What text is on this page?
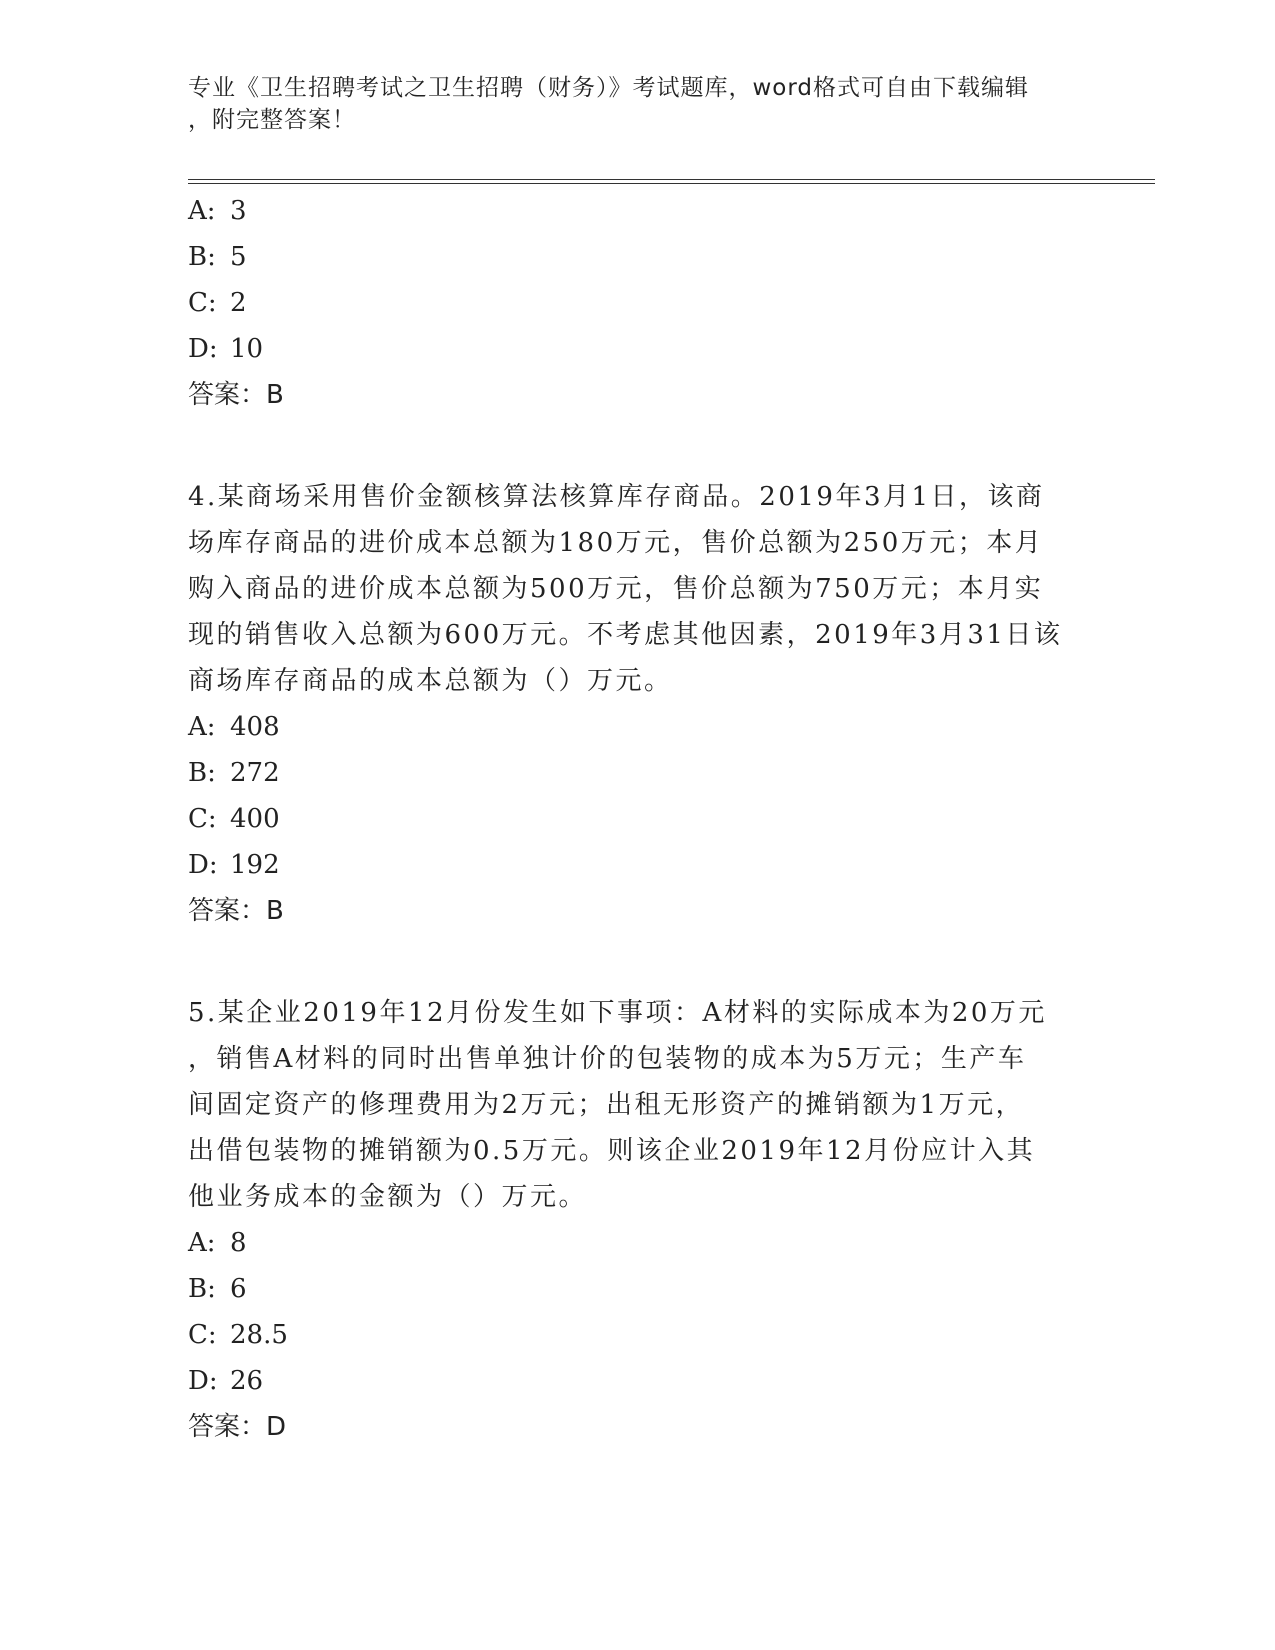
专业《卫生招聘考试之卫生招聘（财务）》考试题库，word格式可自由下载编辑
，附完整答案！
A: 3
B: 5
C: 2
D: 10
答案：B
4.某商场采用售价金额核算法核算库存商品。2019年3月1日，该商
场库存商品的进价成本总额为180万元，售价总额为250万元；本月
购入商品的进价成本总额为500万元，售价总额为750万元；本月实
现的销售收入总额为600万元。不考虑其他因素，2019年3月31日该
商场库存商品的成本总额为（）万元。
A: 408
B: 272
C: 400
D: 192
答案：B
5.某企业2019年12月份发生如下事项：A材料的实际成本为20万元
，销售A材料的同时出售单独计价的包装物的成本为5万元；生产车
间固定资产的修理费用为2万元；出租无形资产的摊销额为1万元，
出借包装物的摊销额为0.5万元。则该企业2019年12月份应计入其
他业务成本的金额为（）万元。
A: 8
B: 6
C: 28.5
D: 26
答案：D
